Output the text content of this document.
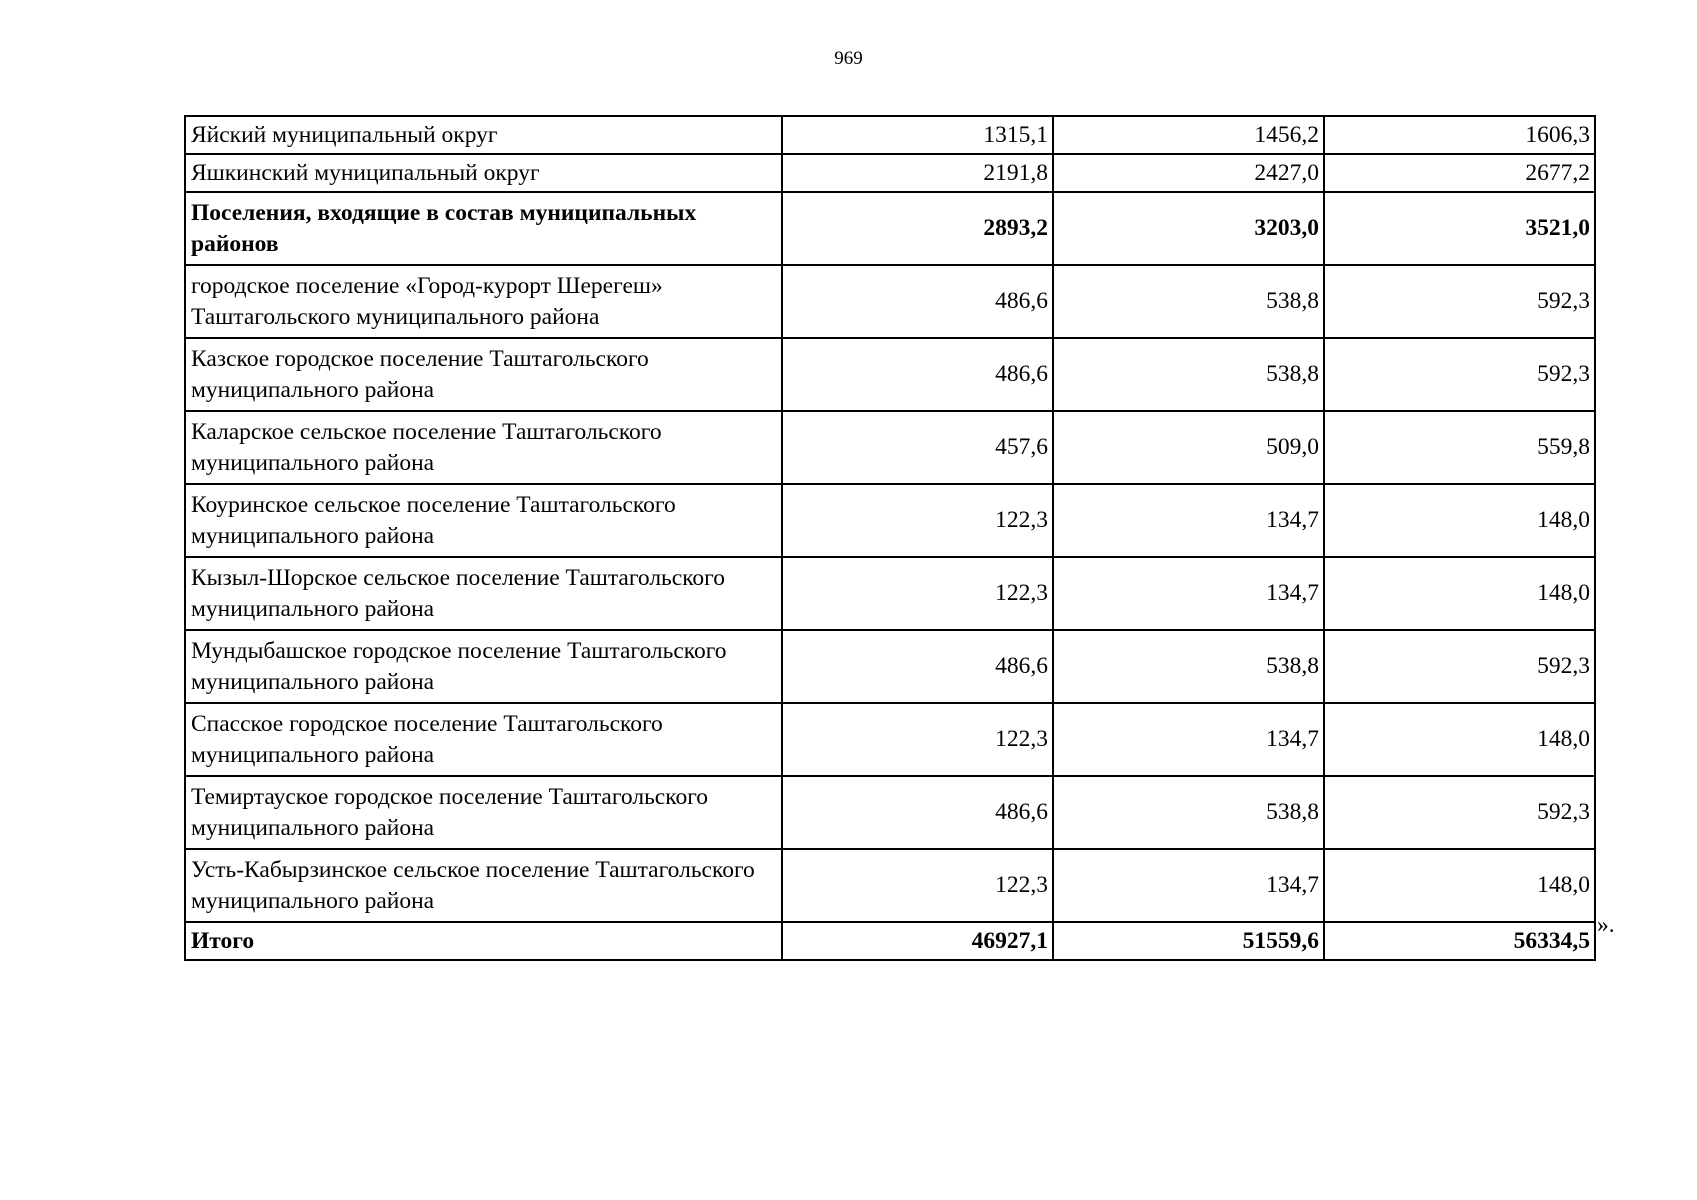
969
Яйский муниципальный округ	1315,1	1456,2	1606,3
Яшкинский муниципальный округ	2191,8	2427,0	2677,2
Поселения, входящие в состав муниципальных районов	2893,2	3203,0	3521,0
городское поселение «Город-курорт Шерегеш» Таштагольского муниципального района	486,6	538,8	592,3
Казское городское поселение Таштагольского муниципального района	486,6	538,8	592,3
Каларское сельское поселение Таштагольского муниципального района	457,6	509,0	559,8
Коуринское сельское поселение Таштагольского муниципального района	122,3	134,7	148,0
Кызыл-Шорское сельское поселение Таштагольского муниципального района	122,3	134,7	148,0
Мундыбашское городское поселение Таштагольского муниципального района	486,6	538,8	592,3
Спасское городское поселение Таштагольского муниципального района	122,3	134,7	148,0
Темиртауское городское поселение Таштагольского муниципального района	486,6	538,8	592,3
Усть-Кабырзинское сельское поселение Таштагольского муниципального района	122,3	134,7	148,0
Итого	46927,1	51559,6	56334,5
».
